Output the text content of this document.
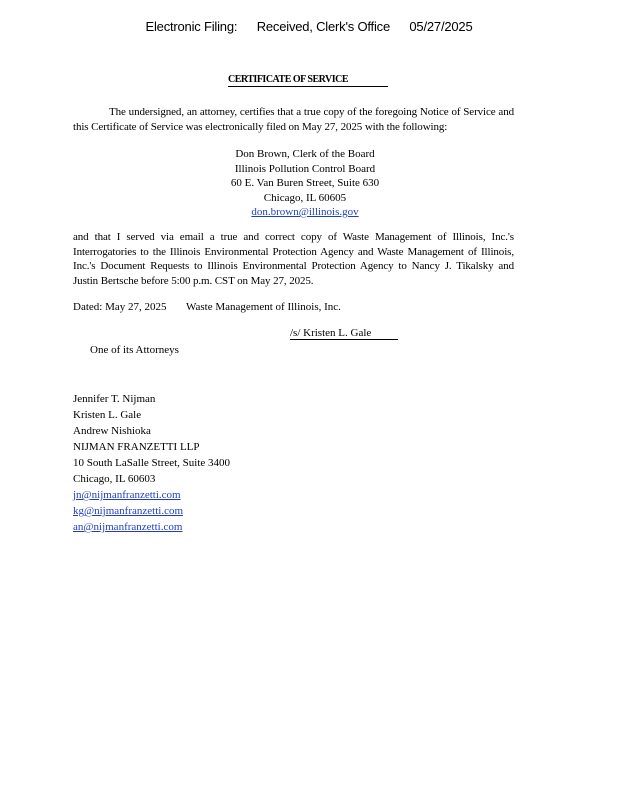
Electronic Filing: Received, Clerk's Office 05/27/2025
CERTIFICATE OF SERVICE
The undersigned, an attorney, certifies that a true copy of the foregoing Notice of Service and this Certificate of Service was electronically filed on May 27, 2025 with the following:
Don Brown, Clerk of the Board
Illinois Pollution Control Board
60 E. Van Buren Street, Suite 630
Chicago, IL 60605
don.brown@illinois.gov
and that I served via email a true and correct copy of Waste Management of Illinois, Inc.'s Interrogatories to the Illinois Environmental Protection Agency and Waste Management of Illinois, Inc.'s Document Requests to Illinois Environmental Protection Agency to Nancy J. Tikalsky and Justin Bertsche before 5:00 p.m. CST on May 27, 2025.
Dated: May 27, 2025 Waste Management of Illinois, Inc.
/s/ Kristen L. Gale
One of its Attorneys
Jennifer T. Nijman
Kristen L. Gale
Andrew Nishioka
NIJMAN FRANZETTI LLP
10 South LaSalle Street, Suite 3400
Chicago, IL 60603
jn@nijmanfranzetti.com
kg@nijmanfranzetti.com
an@nijmanfranzetti.com
